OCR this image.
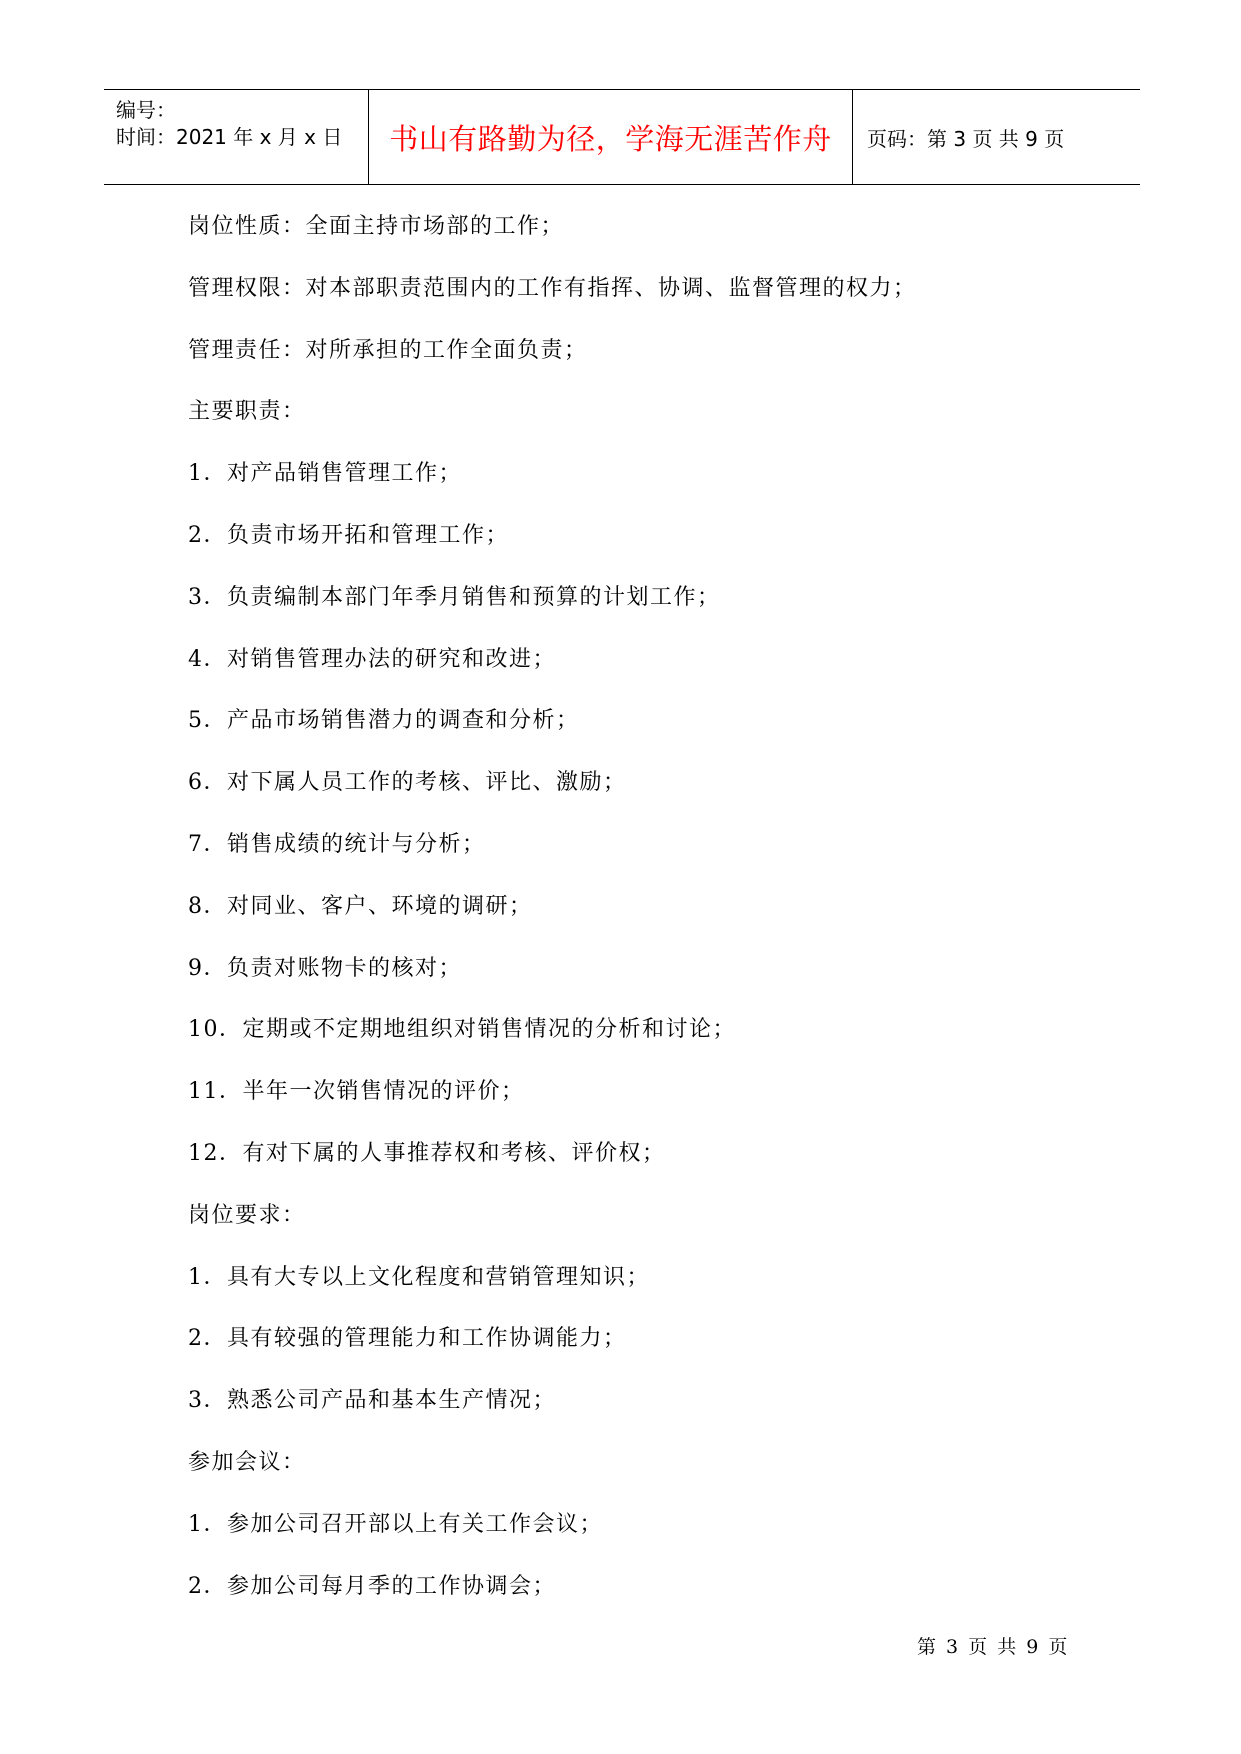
编号：
时间：2021 年 x 月 x 日 书山有路勤为径，学海无涯苦作舟 页码：第 3 页 共 9 页
岗位性质：全面主持市场部的工作；
管理权限：对本部职责范围内的工作有指挥、协调、监督管理的权力；
管理责任：对所承担的工作全面负责；
主要职责：
1．对产品销售管理工作；
2．负责市场开拓和管理工作；
3．负责编制本部门年季月销售和预算的计划工作；
4．对销售管理办法的研究和改进；
5．产品市场销售潜力的调查和分析；
6．对下属人员工作的考核、评比、激励；
7．销售成绩的统计与分析；
8．对同业、客户、环境的调研；
9．负责对账物卡的核对；
10．定期或不定期地组织对销售情况的分析和讨论；
11．半年一次销售情况的评价；
12．有对下属的人事推荐权和考核、评价权；
岗位要求：
1．具有大专以上文化程度和营销管理知识；
2．具有较强的管理能力和工作协调能力；
3．熟悉公司产品和基本生产情况；
参加会议：
1．参加公司召开部以上有关工作会议；
2．参加公司每月季的工作协调会；
第 3 页 共 9 页
